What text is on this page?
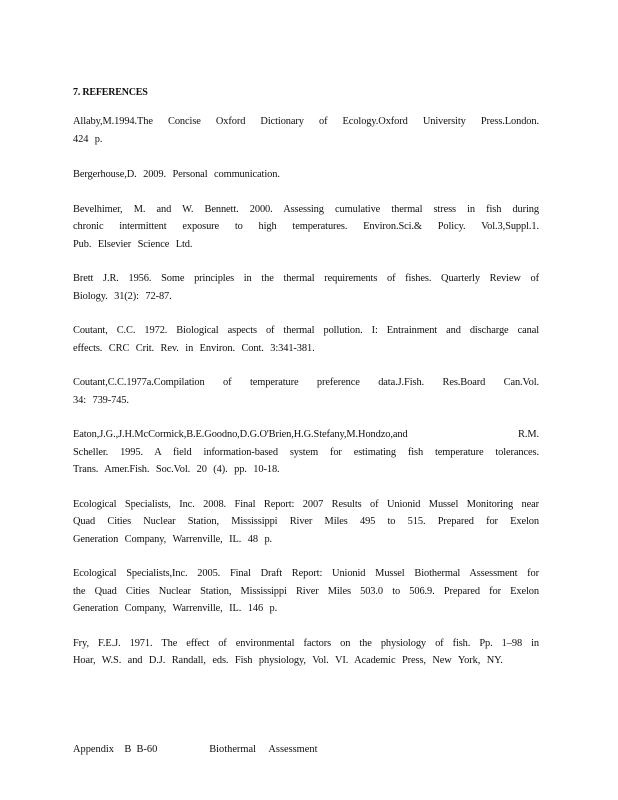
7. REFERENCES
Allaby,M.1994.The Concise Oxford Dictionary of Ecology.Oxford University Press.London.
424 p.
Bergerhouse,D. 2009. Personal communication.
Bevelhimer, M. and W. Bennett. 2000. Assessing cumulative thermal stress in fish during
chronic intermittent exposure to high temperatures. Environ.Sci.& Policy. Vol.3,Suppl.1.
Pub. Elsevier Science Ltd.
Brett J.R. 1956. Some principles in the thermal requirements of fishes. Quarterly Review of
Biology. 31(2): 72-87.
Coutant, C.C. 1972. Biological aspects of thermal pollution. I: Entrainment and discharge canal
effects. CRC Crit. Rev. in Environ. Cont. 3:341-381.
Coutant,C.C.1977a.Compilation of temperature preference data.J.Fish. Res.Board Can.Vol.
34: 739-745.
Eaton,J.G.,J.H.McCormick,B.E.Goodno,D.G.O'Brien,H.G.Stefany,M.Hondzo,and R.M.
Scheller. 1995. A field information-based system for estimating fish temperature tolerances.
Trans. Amer.Fish. Soc.Vol. 20 (4). pp. 10-18.
Ecological Specialists, Inc. 2008. Final Report: 2007 Results of Unionid Mussel Monitoring near
Quad Cities Nuclear Station, Mississippi River Miles 495 to 515. Prepared for Exelon
Generation Company, Warrenville, IL. 48 p.
Ecological Specialists,Inc. 2005. Final Draft Report: Unionid Mussel Biothermal Assessment for
the Quad Cities Nuclear Station, Mississippi River Miles 503.0 to 506.9. Prepared for Exelon
Generation Company, Warrenville, IL. 146 p.
Fry, F.E.J. 1971. The effect of environmental factors on the physiology of fish. Pp. 1–98 in
Hoar, W.S. and D.J. Randall, eds. Fish physiology, Vol. VI. Academic Press, New York, NY.
Appendix    B  B-60                    Biothermal     Assessment
